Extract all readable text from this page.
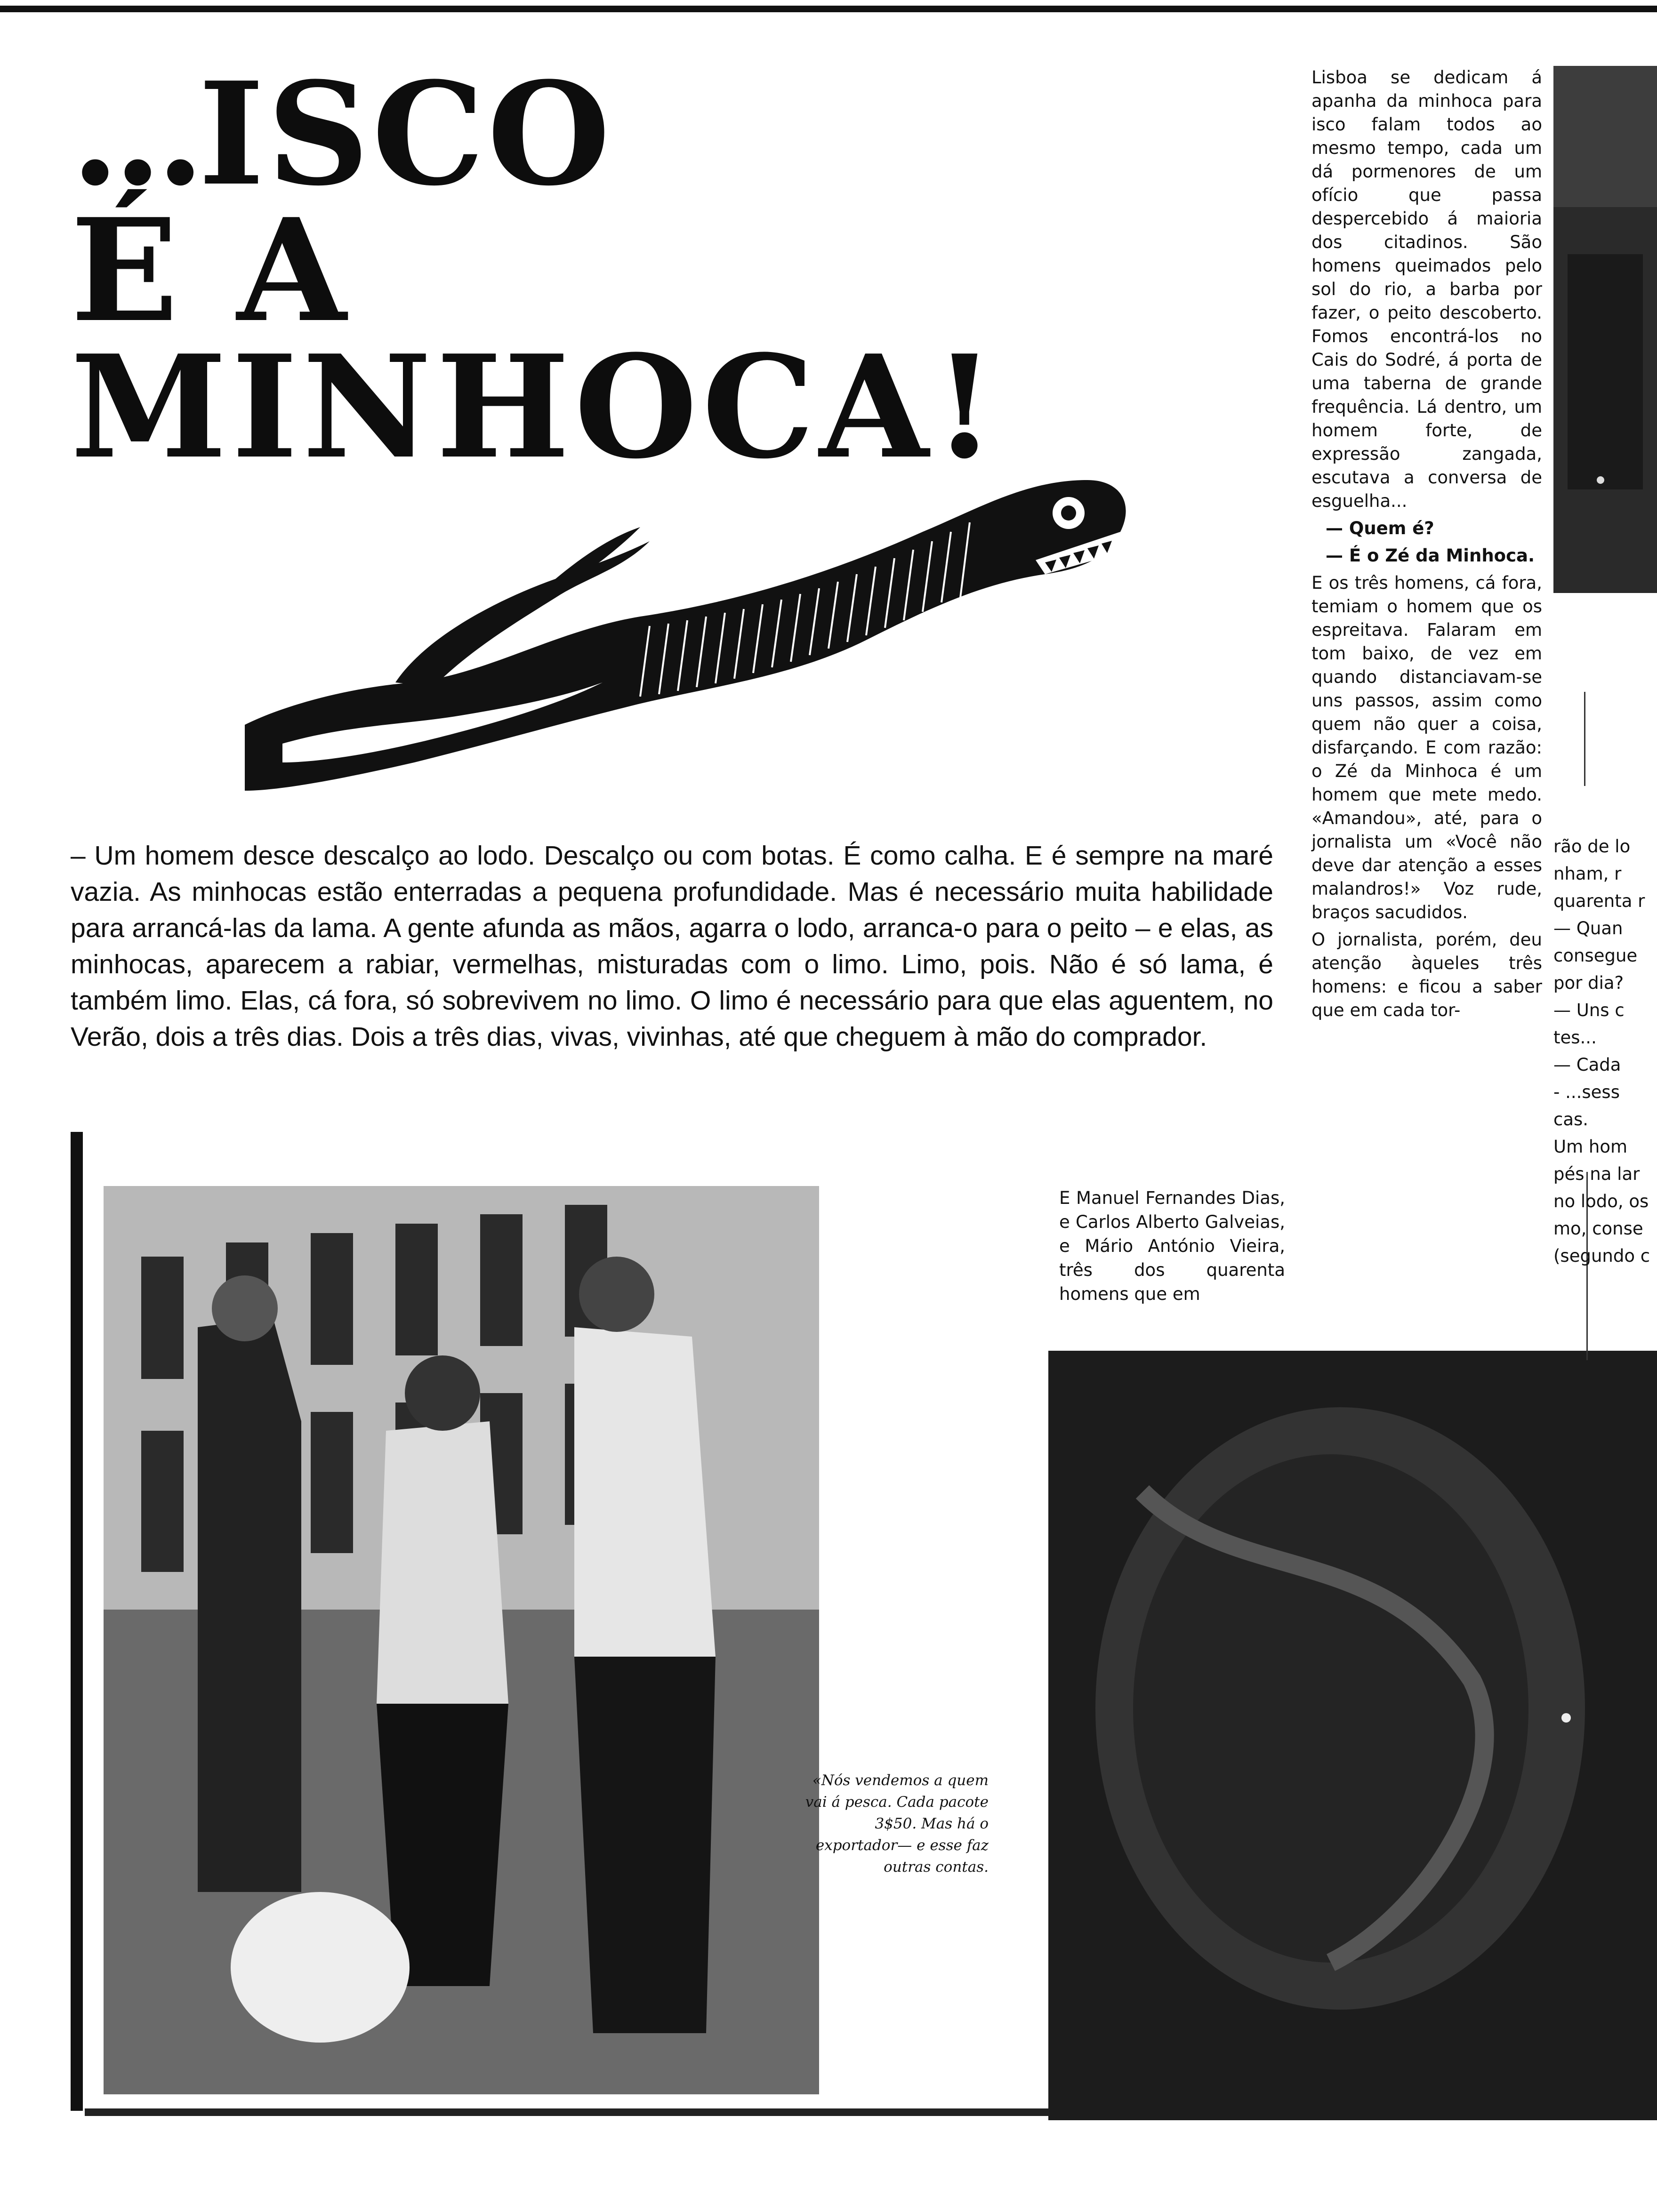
...ISCO
É A MINHOCA!

Lisboa se dedicam á apanha da minhoca para isco falam todos ao mesmo tempo, cada um dá pormenores de um ofício que passa despercebido á maioria dos citadinos. São homens queimados pelo sol do rio, a barba por fazer, o peito descoberto. Fomos encontrá-los no Cais do Sodré, á porta de uma taberna de grande frequência. Lá dentro, um homem forte, de expressão zangada, escutava a conversa de esguelha...

— Quem é?

— É o Zé da Minhoca.

E os três homens, cá fora, temiam o homem que os espreitava. Falaram em tom baixo, de vez em quando distanciavam-se uns passos, assim como quem não quer a coisa, disfarçando. E com razão: o Zé da Minhoca é um homem que mete medo. «Amandou», até, para o jornalista um «Você não deve dar atenção a esses malandros!» Voz rude, braços sacudidos.

O jornalista, porém, deu atenção àqueles três homens: e ficou a saber que em cada tor-

– Um homem desce descalço ao lodo. Descalço ou com botas. É como calha. E é sempre na maré vazia. As minhocas estão enterradas a pequena profundidade. Mas é necessário muita habilidade para arrancá-las da lama. A gente afunda as mãos, agarra o lodo, arranca-o para o peito – e elas, as minhocas, aparecem a rabiar, vermelhas, misturadas com o limo. Limo, pois. Não é só lama, é também limo. Elas, cá fora, só sobrevivem no limo. O limo é necessário para que elas aguentem, no Verão, dois a três dias. Dois a três dias, vivas, vivinhas, até que cheguem à mão do comprador.

E Manuel Fernandes Dias, e Carlos Alberto Galveias, e Mário António Vieira, três dos quarenta homens que em

«Nós vendemos a quem vai á pesca. Cada pacote 3$50. Mas há o exportador— e esse faz outras contas.

rão de lo
nham, r
quarenta r
— Quan
consegue
por dia?
— Uns c
tes...
— Cada
- ...sess
cas.
Um hom
pés na lar
no lodo, os
mo, conse
(segundo c
